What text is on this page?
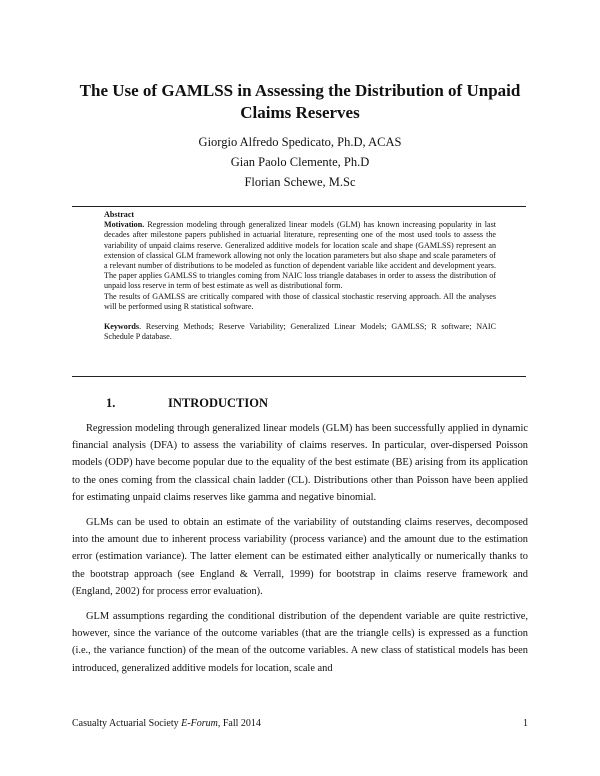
The Use of GAMLSS in Assessing the Distribution of Unpaid Claims Reserves
Giorgio Alfredo Spedicato, Ph.D, ACAS
Gian Paolo Clemente, Ph.D
Florian Schewe, M.Sc

Abstract

Motivation. Regression modeling through generalized linear models (GLM) has known increasing popularity in last decades after milestone papers published in actuarial literature, representing one of the most used tools to assess the variability of unpaid claims reserve. Generalized additive models for location scale and shape (GAMLSS) represent an extension of classical GLM framework allowing not only the location parameters but also shape and scale parameters of a relevant number of distributions to be modeled as function of dependent variable like accident and development years. The paper applies GAMLSS to triangles coming from NAIC loss triangle databases in order to assess the distribution of unpaid loss reserve in term of best estimate as well as distributional form.

The results of GAMLSS are critically compared with those of classical stochastic reserving approach. All the analyses will be performed using R statistical software.

Keywords. Reserving Methods; Reserve Variability; Generalized Linear Models; GAMLSS; R software; NAIC Schedule P database.

1.	INTRODUCTION

Regression modeling through generalized linear models (GLM) has been successfully applied in dynamic financial analysis (DFA) to assess the variability of claims reserves. In particular, over-dispersed Poisson models (ODP) have become popular due to the equality of the best estimate (BE) arising from its application to the ones coming from the classical chain ladder (CL). Distributions other than Poisson have been applied for estimating unpaid claims reserves like gamma and negative binomial.

GLMs can be used to obtain an estimate of the variability of outstanding claims reserves, decomposed into the amount due to inherent process variability (process variance) and the amount due to the estimation error (estimation variance). The latter element can be estimated either analytically or numerically thanks to the bootstrap approach (see England & Verrall, 1999) for bootstrap in claims reserve framework and (England, 2002) for process error evaluation).

GLM assumptions regarding the conditional distribution of the dependent variable are quite restrictive, however, since the variance of the outcome variables (that are the triangle cells) is expressed as a function (i.e., the variance function) of the mean of the outcome variables. A new class of statistical models has been introduced, generalized additive models for location, scale and

Casualty Actuarial Society E-Forum, Fall 2014	1
